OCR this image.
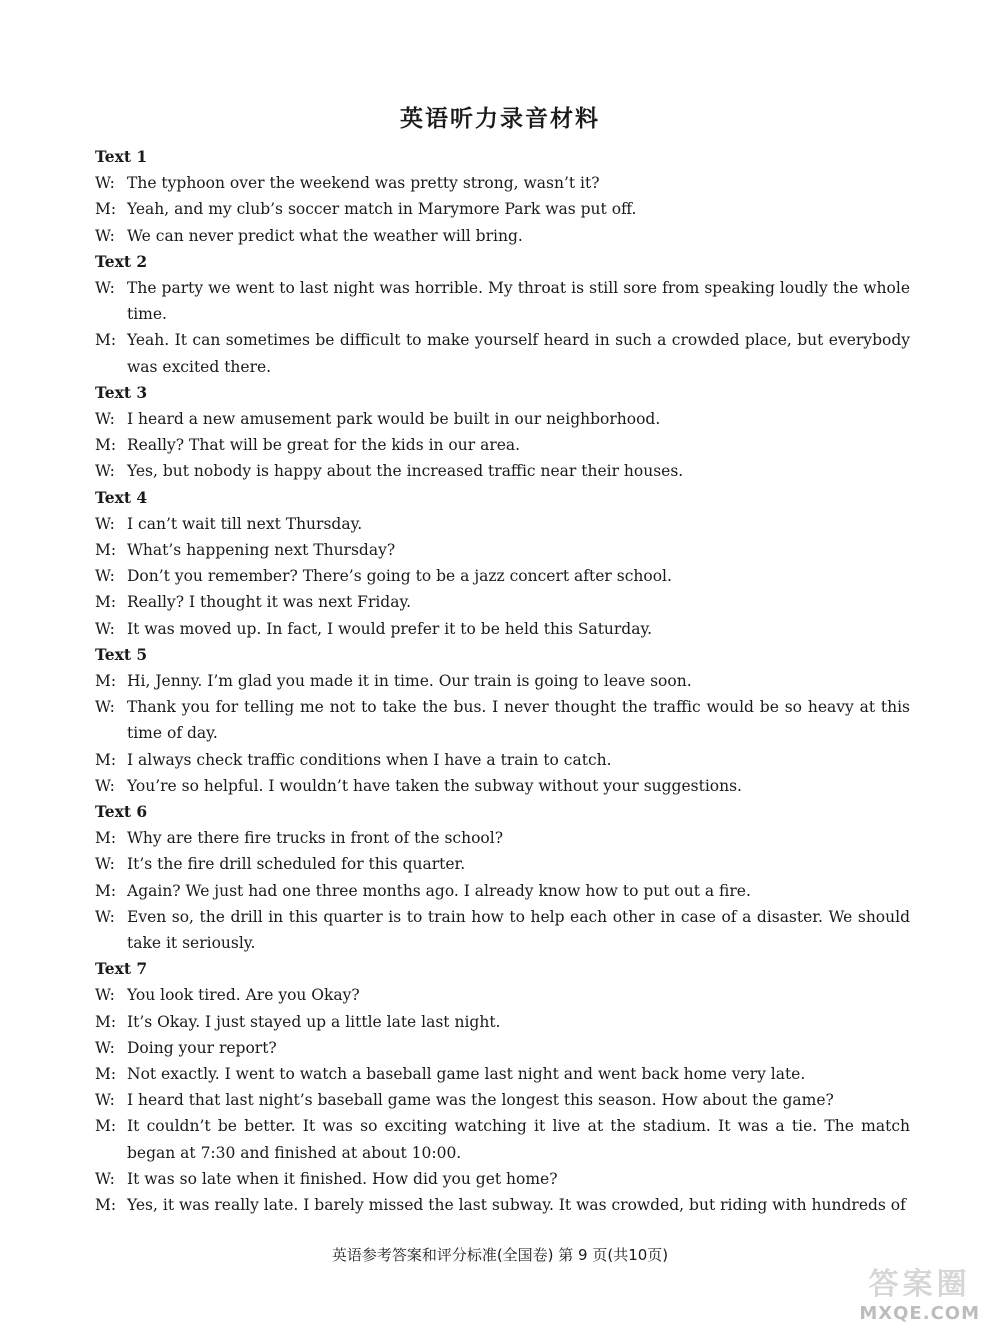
英语听力录音材料
Text 1
W: The typhoon over the weekend was pretty strong, wasn’t it?
M: Yeah, and my club’s soccer match in Marymore Park was put off.
W: We can never predict what the weather will bring.
Text 2
W: The party we went to last night was horrible. My throat is still sore from speaking loudly the whole time.
M: Yeah. It can sometimes be difficult to make yourself heard in such a crowded place, but everybody was excited there.
Text 3
W: I heard a new amusement park would be built in our neighborhood.
M: Really? That will be great for the kids in our area.
W: Yes, but nobody is happy about the increased traffic near their houses.
Text 4
W: I can’t wait till next Thursday.
M: What’s happening next Thursday?
W: Don’t you remember? There’s going to be a jazz concert after school.
M: Really? I thought it was next Friday.
W: It was moved up. In fact, I would prefer it to be held this Saturday.
Text 5
M: Hi, Jenny. I’m glad you made it in time. Our train is going to leave soon.
W: Thank you for telling me not to take the bus. I never thought the traffic would be so heavy at this time of day.
M: I always check traffic conditions when I have a train to catch.
W: You’re so helpful. I wouldn’t have taken the subway without your suggestions.
Text 6
M: Why are there fire trucks in front of the school?
W: It’s the fire drill scheduled for this quarter.
M: Again? We just had one three months ago. I already know how to put out a fire.
W: Even so, the drill in this quarter is to train how to help each other in case of a disaster. We should take it seriously.
Text 7
W: You look tired. Are you Okay?
M: It’s Okay. I just stayed up a little late last night.
W: Doing your report?
M: Not exactly. I went to watch a baseball game last night and went back home very late.
W: I heard that last night’s baseball game was the longest this season. How about the game?
M: It couldn’t be better. It was so exciting watching it live at the stadium. It was a tie. The match began at 7:30 and finished at about 10:00.
W: It was so late when it finished. How did you get home?
M: Yes, it was really late. I barely missed the last subway. It was crowded, but riding with hundreds of
英语参考答案和评分标准(全国卷) 第 9 页(共10页)
答案圈
MXQE.COM
